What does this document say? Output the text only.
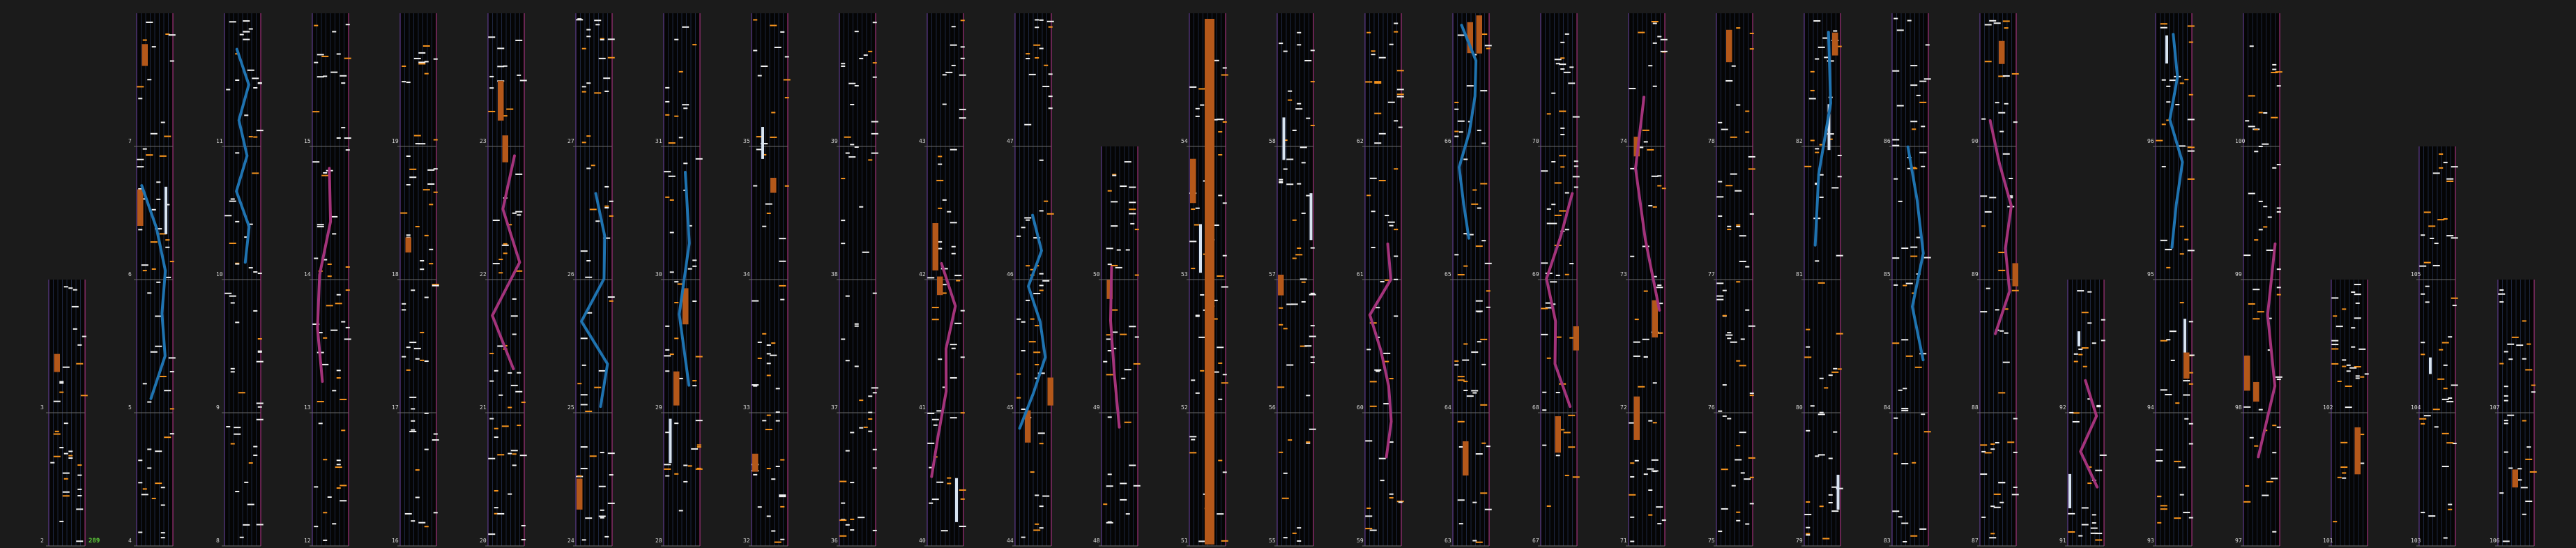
2
3
4
5
6
7
8
9
10
11
12
13
14
15
16
17
18
19
20
21
22
23
24
25
26
27
28
29
30
31
32
33
34
35
36
37
38
39
40
41
42
43
44
45
46
47
48
49
50
51
52
53
54
55
56
57
58
59
60
61
62
63
64
65
66
67
68
69
70
71
72
73
74
75
76
77
78
79
80
81
82
83
84
85
86
87
88
89
90
91
92
93
94
95
96
97
98
99
100
101
102
103
104
105
106
107
289
